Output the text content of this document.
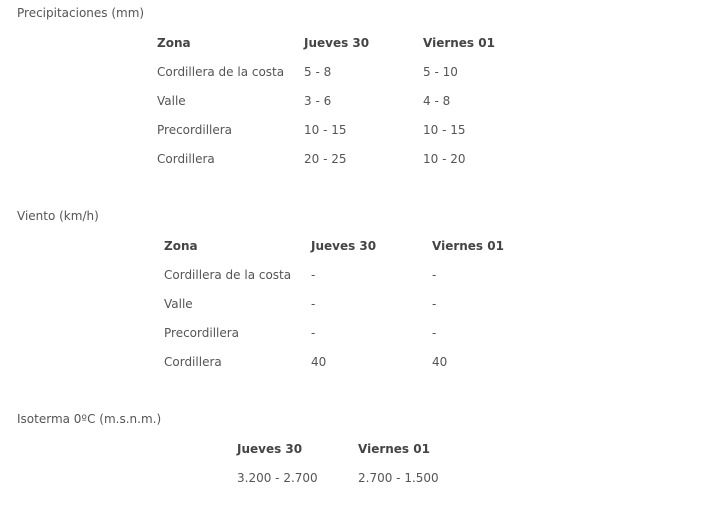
Precipitaciones (mm)
Zona	Jueves 30	Viernes 01
Cordillera de la costa	5 - 8	5 - 10
Valle	3 - 6	4 - 8
Precordillera	10 - 15	10 - 15
Cordillera	20 - 25	10 - 20
Viento (km/h)
Zona	Jueves 30	Viernes 01
Cordillera de la costa	-	-
Valle	-	-
Precordillera	-	-
Cordillera	40	40
Isoterma 0ºC (m.s.n.m.)
Jueves 30	Viernes 01
3.200 - 2.700	2.700 - 1.500
